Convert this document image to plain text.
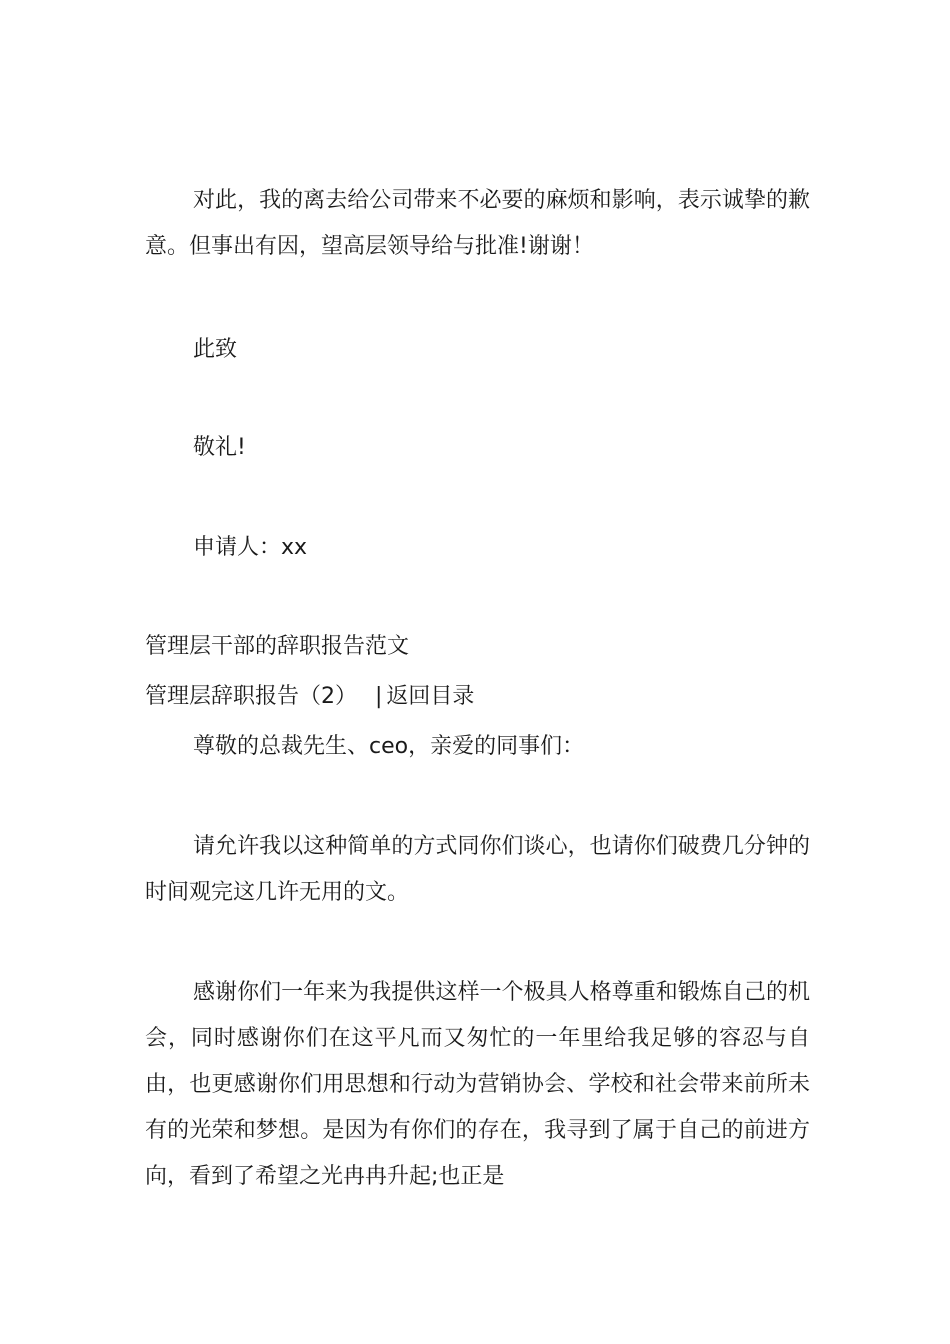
对此，我的离去给公司带来不必要的麻烦和影响，表示诚挚的歉意。但事出有因，望高层领导给与批准!谢谢！

此致

敬礼!

申请人：xx

管理层干部的辞职报告范文

管理层辞职报告（2） | 返回目录

尊敬的总裁先生、ceo，亲爱的同事们：

请允许我以这种简单的方式同你们谈心，也请你们破费几分钟的时间观完这几许无用的文。

感谢你们一年来为我提供这样一个极具人格尊重和锻炼自己的机会，同时感谢你们在这平凡而又匆忙的一年里给我足够的容忍与自由，也更感谢你们用思想和行动为营销协会、学校和社会带来前所未有的光荣和梦想。是因为有你们的存在，我寻到了属于自己的前进方向，看到了希望之光冉冉升起;也正是
